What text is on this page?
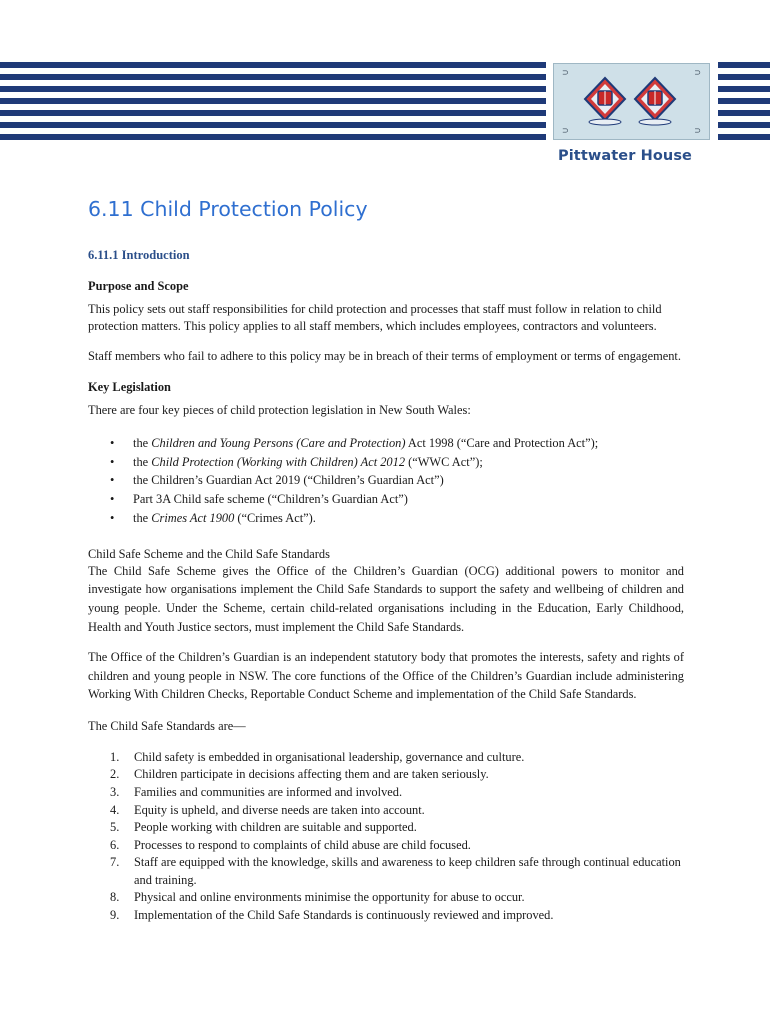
⊃	⊃
⊃	⊃
Pittwater House
6.11 Child Protection Policy
6.11.1 Introduction

Purpose and Scope

This policy sets out staff responsibilities for child protection and processes that staff must follow in relation to child protection matters. This policy applies to all staff members, which includes employees, contractors and volunteers.

Staff members who fail to adhere to this policy may be in breach of their terms of employment or terms of engagement.

Key Legislation

There are four key pieces of child protection legislation in New South Wales:

• the Children and Young Persons (Care and Protection) Act 1998 (“Care and Protection Act”);
• the Child Protection (Working with Children) Act 2012 (“WWC Act”);
• the Children’s Guardian Act 2019 (“Children’s Guardian Act”)
• Part 3A Child safe scheme (“Children’s Guardian Act”)
• the Crimes Act 1900 (“Crimes Act”).

Child Safe Scheme and the Child Safe Standards

The Child Safe Scheme gives the Office of the Children’s Guardian (OCG) additional powers to monitor and investigate how organisations implement the Child Safe Standards to support the safety and wellbeing of children and young people. Under the Scheme, certain child-related organisations including in the Education, Early Childhood, Health and Youth Justice sectors, must implement the Child Safe Standards.

The Office of the Children’s Guardian is an independent statutory body that promotes the interests, safety and rights of children and young people in NSW. The core functions of the Office of the Children’s Guardian include administering Working With Children Checks, Reportable Conduct Scheme and implementation of the Child Safe Standards.

The Child Safe Standards are—

1. Child safety is embedded in organisational leadership, governance and culture.
2. Children participate in decisions affecting them and are taken seriously.
3. Families and communities are informed and involved.
4. Equity is upheld, and diverse needs are taken into account.
5. People working with children are suitable and supported.
6. Processes to respond to complaints of child abuse are child focused.
7. Staff are equipped with the knowledge, skills and awareness to keep children safe through continual education and training.
8. Physical and online environments minimise the opportunity for abuse to occur.
9. Implementation of the Child Safe Standards is continuously reviewed and improved.
